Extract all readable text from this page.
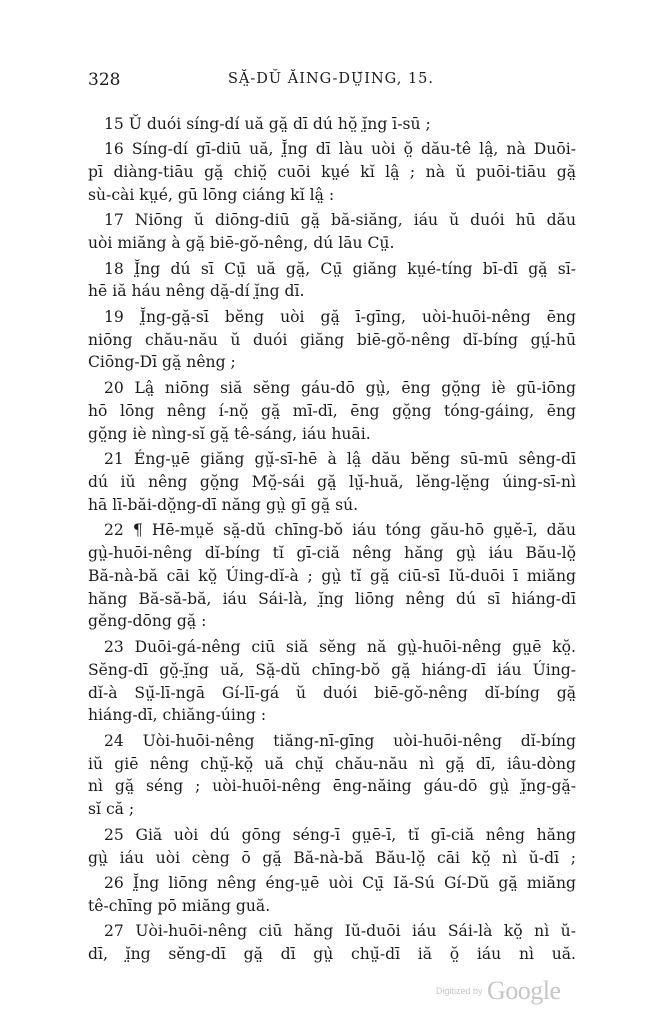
328	SĂ̤-DŬ ĂING-DṲ̆ING, 15.
15 Ŭ duói síng-dí uă gă̤ dī dú hŏ̤ ĭ̤ng ī-sū ;
16 Síng-dí gī-diū uă, Ĭ̤ng dī làu uòi ŏ̤ dău-tê lâ̤, nà Duōi-
pī diàng-tiāu gă̤ chiŏ̤ cuōi kṳé kĭ lâ̤ ; nà ŭ puōi-tiāu gă̤
sù-cài kṳé, gū lōng ciáng kĭ lâ̤ :
17 Niōng ŭ diōng-diū gă̤ bă-siăng, iáu ŭ duói hū dău
uòi miăng à gă̤ biē-gŏ-nêng, dú lāu Cṳ̄.
18 Ĭ̤ng dú sī Cṳ̄ uă gă̤, Cṳ̄ giăng kṳé-tíng bī-dī gă̤ sī-
hē iă háu nêng dă̤-dí ĭ̤ng dī.
19 Ĭ̤ng-gă̤-sī bĕng uòi gă̤ ī-gīng, uòi-huōi-nêng ēng
niōng chău-nău ŭ duói giăng biē-gŏ-nêng dĭ-bíng gṳ́-hū
Ciōng-Dī gă̤ nêng ;
20 Lâ̤ niōng siă sĕng gáu-dō gṳ̀, ēng gŏ̤ng iè gū-iōng
hō lōng nêng í-nŏ̤ gă̤ mī-dī, ēng gŏ̤ng tóng-gáing, ēng
gŏ̤ng iè nìng-sĭ gă̤ tê-sáng, iáu huāi.
21 Éng-ṳē giăng gṳ̆-sī-hē à lâ̤ dău bĕng sū-mū sêng-dī
dú iŭ nêng gŏ̤ng Mŏ̤-sái gă̤ lṳ̆-huă, lĕng-lĕ̤ng úing-sī-nì
hā lī-băi-dŏ̤ng-dī năng gṳ̀ gī gă̤ sú.
22 ¶ Hē-mṳĕ să̤-dŭ chīng-bŏ iáu tóng gău-hō gṳĕ-ī, dău
gṳ̀-huōi-nêng dĭ-bíng tĭ gī-ciă nêng hăng gṳ̀ iáu Bău-lŏ̤
Bă-nà-bă cāi kŏ̤ Úing-dĭ-à ; gṳ̀ tĭ gă̤ ciū-sī Iŭ-duōi ī miăng
hăng Bă-să-bă, iáu Sái-là, ĭ̤ng liōng nêng dú sī hiáng-dī
gĕng-dōng gă̤ :
23 Duōi-gá-nêng ciū siă sĕng nă gṳ̀-huōi-nêng gṳē kŏ̤.
Sĕng-dī gŏ̤-ĭ̤ng uă, Să̤-dŭ chīng-bŏ gă̤ hiáng-dī iáu Úing-
dĭ-à Sṳ̆-lī-ngā Gí-lī-gá ŭ duói biē-gŏ-nêng dĭ-bíng gă̤
hiáng-dī, chiăng-úing :
24 Uòi-huōi-nêng tiăng-nī-gīng uòi-huōi-nêng dĭ-bíng
iŭ giē nêng chṳ̆-kŏ̤ uă chṳ̆ chău-nău nì gă̤ dī, iâu-dòng
nì gă̤ séng ; uòi-huōi-nêng ēng-năing gáu-dō gṳ̀ ĭ̤ng-gă̤-
sĭ că ;
25 Giă uòi dú gōng séng-ī gṳē-ī, tĭ gī-ciă nêng hăng
gṳ̀ iáu uòi cèng ō gă̤ Bă-nà-bă Bău-lŏ̤ cāi kŏ̤ nì ŭ-dī ;
26 Ĭ̤ng liōng nêng éng-ṳē uòi Cṳ̄ Iă-Sú Gí-Dŭ gă̤ miăng
tê-chīng pō miăng guă.
27 Uòi-huōi-nêng ciū hăng Iŭ-duōi iáu Sái-là kŏ̤ nì ŭ-
dī, ĭ̤ng sĕng-dī gă̤ dī gṳ̀ chṳ̆-dī iă ŏ̤ iáu nì uă.
Digitized by Google
